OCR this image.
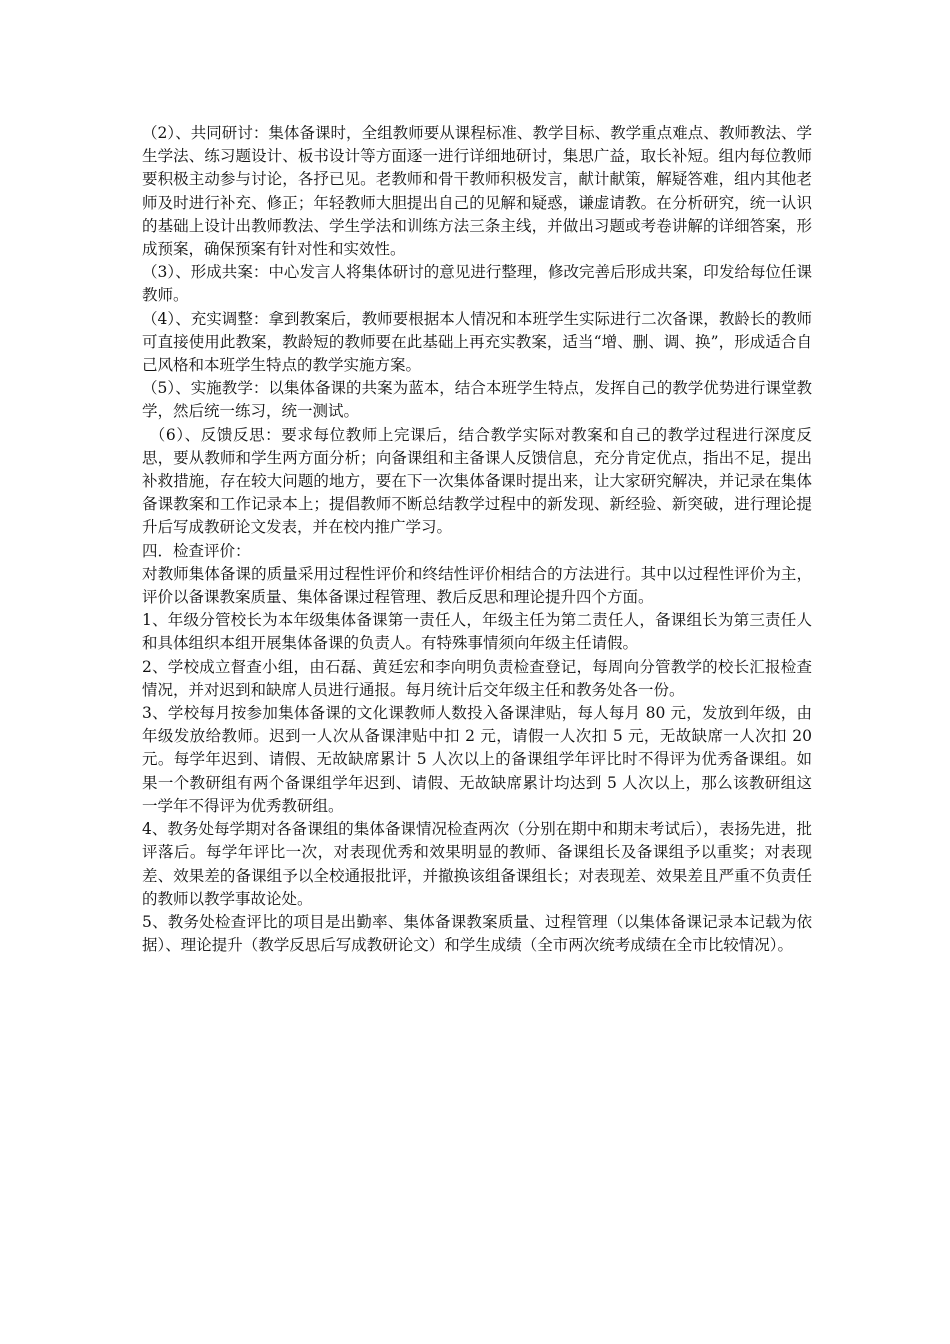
（2）、共同研讨：集体备课时，全组教师要从课程标准、教学目标、教学重点难点、教师教法、学生学法、练习题设计、板书设计等方面逐一进行详细地研讨，集思广益，取长补短。组内每位教师要积极主动参与讨论，各抒已见。老教师和骨干教师积极发言，献计献策，解疑答难，组内其他老师及时进行补充、修正；年轻教师大胆提出自己的见解和疑惑，谦虚请教。在分析研究，统一认识的基础上设计出教师教法、学生学法和训练方法三条主线，并做出习题或考卷讲解的详细答案，形成预案，确保预案有针对性和实效性。

（3）、形成共案：中心发言人将集体研讨的意见进行整理，修改完善后形成共案，印发给每位任课教师。

（4）、充实调整：拿到教案后，教师要根据本人情况和本班学生实际进行二次备课，教龄长的教师可直接使用此教案，教龄短的教师要在此基础上再充实教案，适当“增、删、调、换”，形成适合自己风格和本班学生特点的教学实施方案。

（5）、实施教学：以集体备课的共案为蓝本，结合本班学生特点，发挥自己的教学优势进行课堂教学，然后统一练习，统一测试。

（6）、反馈反思：要求每位教师上完课后，结合教学实际对教案和自己的教学过程进行深度反思，要从教师和学生两方面分析；向备课组和主备课人反馈信息，充分肯定优点，指出不足，提出补救措施，存在较大问题的地方，要在下一次集体备课时提出来，让大家研究解决，并记录在集体备课教案和工作记录本上；提倡教师不断总结教学过程中的新发现、新经验、新突破，进行理论提升后写成教研论文发表，并在校内推广学习。

四．检查评价：

对教师集体备课的质量采用过程性评价和终结性评价相结合的方法进行。其中以过程性评价为主，评价以备课教案质量、集体备课过程管理、教后反思和理论提升四个方面。

1、年级分管校长为本年级集体备课第一责任人，年级主任为第二责任人，备课组长为第三责任人和具体组织本组开展集体备课的负责人。有特殊事情须向年级主任请假。

2、学校成立督查小组，由石磊、黄廷宏和李向明负责检查登记，每周向分管教学的校长汇报检查情况，并对迟到和缺席人员进行通报。每月统计后交年级主任和教务处各一份。

3、学校每月按参加集体备课的文化课教师人数投入备课津贴，每人每月 80 元，发放到年级，由年级发放给教师。迟到一人次从备课津贴中扣 2 元，请假一人次扣 5 元，无故缺席一人次扣 20 元。每学年迟到、请假、无故缺席累计 5 人次以上的备课组学年评比时不得评为优秀备课组。如果一个教研组有两个备课组学年迟到、请假、无故缺席累计均达到 5 人次以上，那么该教研组这一学年不得评为优秀教研组。

4、教务处每学期对各备课组的集体备课情况检查两次（分别在期中和期末考试后），表扬先进，批评落后。每学年评比一次，对表现优秀和效果明显的教师、备课组长及备课组予以重奖；对表现差、效果差的备课组予以全校通报批评，并撤换该组备课组长；对表现差、效果差且严重不负责任的教师以教学事故论处。

5、教务处检查评比的项目是出勤率、集体备课教案质量、过程管理（以集体备课记录本记载为依据）、理论提升（教学反思后写成教研论文）和学生成绩（全市两次统考成绩在全市比较情况）。
